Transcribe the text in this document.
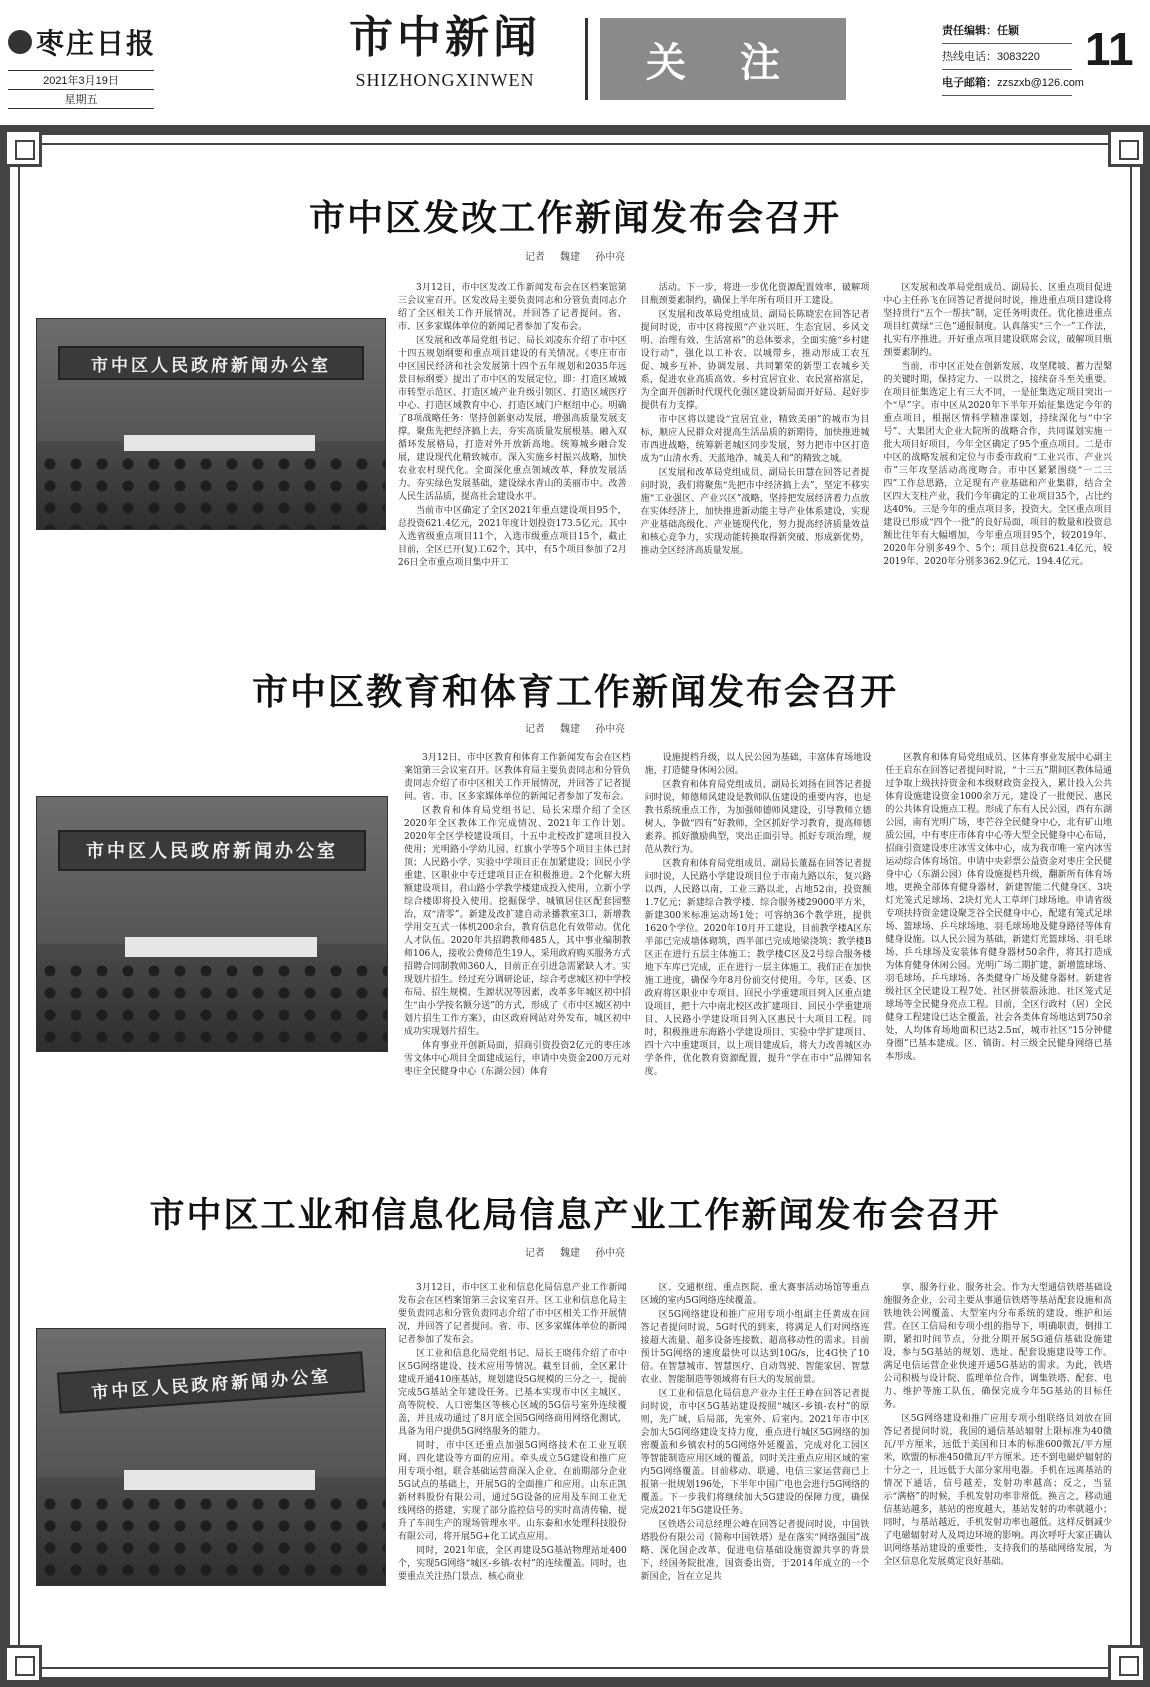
枣庄日报
2021年3月19日
星期五
市中新闻
SHIZHONGXINWEN	关 注
责任编辑：任颖
热线电话：3083220
电子邮箱：zzszxb@126.com
11
市中区发改工作新闻发布会召开
记者 魏建 孙中亮
市中区人民政府新闻办公室

3月12日，市中区发改工作新闻发布会在区档案馆第三会议室召开。区发改局主要负责同志和分管负责同志介绍了全区相关工作开展情况，并回答了记者提问。省、市、区多家媒体单位的新闻记者参加了发布会。

区发展和改革局党组书记、局长刘凌东介绍了市中区十四五规划纲要和重点项目建设的有关情况。《枣庄市市中区国民经济和社会发展第十四个五年规划和2035年远景目标纲要》提出了市中区的发展定位，即：打造区域城市转型示范区、打造区域产业升级引领区、打造区域医疗中心、打造区域教育中心、打造区域门户枢纽中心。明确了8项战略任务：坚持创新驱动发展，增强高质量发展支撑。聚焦先把经济搞上去，夯实高质量发展根基。融入双循环发展格局，打造对外开放新高地。统筹城乡融合发展，建设现代化精致城市。深入实施乡村振兴战略，加快农业农村现代化。全面深化重点领域改革，释放发展活力。夯实绿色发展基础，建设绿水青山的美丽市中。改善人民生活品质，提高社会建设水平。

当前市中区确定了全区2021年重点建设项目95个，总投资621.4亿元，2021年度计划投资173.5亿元。其中入选省级重点项目11个，入选市级重点项目15个，截止目前，全区已开(复)工62个，其中，有5个项目参加了2月26日全市重点项目集中开工

活动。下一步，将进一步优化资源配置效率，破解项目瓶颈要素制约，确保上半年所有项目开工建设。

区发展和改革局党组成员、副局长陈晓宏在回答记者提问时说，市中区将按照“产业兴旺、生态宜居、乡风文明、治理有效、生活富裕”的总体要求，全面实施“乡村建设行动”，强化以工补农、以城带乡，推动形成工农互促、城乡互补、协调发展、共同繁荣的新型工农城乡关系，促进农业高质高效、乡村宜居宜业、农民富裕富足，为全面开创新时代现代化强区建设新局面开好局、起好步提供有力支撑。

市中区将以建设“宜居宜业，精致美丽”的城市为目标，顺应人民群众对提高生活品质的新期待，加快推进城市西进战略，统筹新老城区同步发展，努力把市中区打造成为“山清水秀、天蓝地净、城美人和”的精致之城。

区发展和改革局党组成员、副局长田慧在回答记者提问时说，我们将聚焦“先把市中经济搞上去”，坚定不移实施“工业强区、产业兴区”战略，坚持把发展经济着力点放在实体经济上，加快推进新动能主导产业体系建设，实现产业基础高级化、产业链现代化，努力提高经济质量效益和核心竞争力，实现动能转换取得新突破、形成新优势，推动全区经济高质量发展。

区发展和改革局党组成员、副局长、区重点项目促进中心主任孙飞在回答记者提问时说，推进重点项目建设将坚持贯行“五个一帮扶”制，定任务明责任。优化推进重点项目红黄绿“三色”通报制度。认真落实“三个一”工作法，扎实有序推进。开好重点项目建设联席会议，破解项目瓶颈要素制约。

当前，市中区正处在创新发展、攻坚爬坡、蓄力涅槃的关键时期，保持定力、一以贯之，接续奋斗至关重要。在项目征集选定上有三大不同，一是征集选定项目突出一个“早”字。市中区从2020年下半年开始征集选定今年的重点项目，根据区情科学精准谋划，持续深化与“中字号”、大集团大企业大院所的战略合作，共同谋划实施一批大项目好项目，今年全区确定了95个重点项目。二是市中区的战略发展和定位与市委市政府“工业兴市、产业兴市”三年攻坚活动高度吻合。市中区紧紧围绕“一二三四”工作总思路，立足现有产业基础和产业集群，结合全区四大支柱产业，我们今年确定的工业项目35个，占比约达40%。三是今年的重点项目多，投资大。全区重点项目建设已形成“四个一批”的良好局面，项目的数量和投资总额比往年有大幅增加，今年重点项目95个，较2019年、2020年分别多49个、5个；项目总投资621.4亿元，较2019年、2020年分别多362.9亿元、194.4亿元。

市中区教育和体育工作新闻发布会召开
记者 魏建 孙中亮
市中区人民政府新闻办公室

3月12日，市中区教育和体育工作新闻发布会在区档案馆第三会议室召开。区教体育局主要负责同志和分管负责同志介绍了市中区相关工作开展情况，并回答了记者提问。省、市、区多家媒体单位的新闻记者参加了发布会。

区教育和体育局党组书记、局长宋璟介绍了全区2020年全区教体工作完成情况、2021年工作计划。2020年全区学校建设项目，十五中北校改扩建项目投入使用；光明路小学幼儿园、红旗小学等5个项目主体已封顶；人民路小学、实验中学项目正在加紧建设；回民小学重建、区职业中专迁建项目正在积极推进。2个化解大班额建设项目，君山路小学教学楼建成投入使用，立新小学综合楼即将投入使用。挖掘保学、城镇居住区配套园整治，双“清零”。新建及改扩建自动录播教室3口，新增教学用交互式一体机200余台，教育信息化有效带动。优化人才队伍。2020年共招聘教师485人，其中事业编制教师106人，接收公费师范生19人，采用政府购买服务方式招聘合同制教师360人，目前正在引进急需紧缺人才。实现划片招生。经过充分调研论证，综合考虑城区初中学校布局、招生规模、生源状况等因素，改革多年城区初中招生“由小学按名额分送”的方式，形成了《市中区城区初中划片招生工作方案》，由区政府网站对外发布，城区初中成功实现划片招生。

体育事业开创新局面，招商引资投资2亿元的枣庄冰雪文体中心项目全面建成运行，申请中央资金200万元对枣庄全民健身中心（东湖公园）体育

设施提档升级，以人民公园为基础，丰富体育场地设施，打造健身休闲公园。

区教育和体育局党组成员、副局长刘扬在回答记者提问时说，师德师风建设是教师队伍建设的重要内容，也是教书系统重点工作，为加强师德师风建设，引导教师立德树人，争做“四有”好教师，全区抓好学习教育，提高师德素养。抓好激励典型，突出正面引导。抓好专项治理，规范从教行为。

区教育和体育局党组成员、副局长董磊在回答记者提问时说，人民路小学建设项目位于市南九路以东，复兴路以西，人民路以南，工业三路以北，占地52亩，投资额1.7亿元；新建综合教学楼、综合服务楼29000平方米，新建300米标准运动场1处；可容纳36个教学班，提供1620个学位。2020年10月开工建设，目前教学楼A区东半部已完成墙体砌筑，西半部已完成地梁浇筑；教学楼B区正在进行五层主体施工；教学楼C区及2号综合服务楼地下车库已完成，正在进行一层主体施工。我们正在加快施工进度，确保今年8月份前交付使用。今年，区委、区政府将区职业中专项目、回民小学重建项目列入区重点建设项目，把十六中南北校区改扩建项目、回民小学重建项目、人民路小学建设项目列入区惠民十大项目工程。同时，积极推进东海路小学建设项目、实验中学扩建项目、四十六中重建项目，以上项目建成后，将大力改善城区办学条件，优化教育资源配置，提升“学在市中”品牌知名度。

区教育和体育局党组成员、区体育事业发展中心副主任王启东在回答记者提问时说，“十三五”期间区教体局通过争取上级扶持资金和本级财政资金投入，累计投入公共体育设施建设资金1000余万元，建设了一批便民、惠民的公共体育设施点工程。形成了东有人民公园，西有东湖公园，南有光明广场，枣芒谷全民健身中心，北有矿山地质公园，中有枣庄市体育中心等大型全民健身中心布局，招商引资建设枣庄冰雪文体中心，成为我市唯一室内冰雪运动综合体育场馆。申请中央彩票公益资金对枣庄全民健身中心（东湖公园）体育设施提档升级，翻新所有体育场地，更换全部体育健身器材，新建智能二代健身区、3块灯光笼式足球场、2块灯光人工草坪门球场地。申请省级专项扶持资金建设聚芝谷全民健身中心，配建有笼式足球场、篮球场、乒乓球场地、羽毛球场地及健身路径等体育健身设施。以人民公园为基础，新建灯光篮球场、羽毛球场、乒乓球场及安装体育健身器材50余件，将其打造成为体育健身休闲公园。光明广场二期扩建，新增篮球场、羽毛球场、乒乓球场、各类健身广场及健身器材。新建省级社区全民建设工程7处、社区拼装游泳池、社区笼式足球场等全民健身亮点工程。目前，全区行政村（居）全民健身工程建设已达全覆盖，社会各类体育场地达到750余处，人均体育场地面积已达2.5㎡，城市社区“15分钟健身圈”已基本建成。区、镇街、村三级全民健身网络已基本形成。

市中区工业和信息化局信息产业工作新闻发布会召开
记者 魏建 孙中亮
市中区人民政府新闻办公室

3月12日，市中区工业和信息化局信息产业工作新闻发布会在区档案馆第三会议室召开。区工业和信息化局主要负责同志和分管负责同志介绍了市中区相关工作开展情况，并回答了记者提问。省、市、区多家媒体单位的新闻记者参加了发布会。

区工业和信息化局党组书记、局长王晓伟介绍了市中区5G网络建设、技术应用等情况。截至目前，全区累计建成开通410座基站，规划建设5G规模的三分之一，提前完成5G基站全年建设任务。已基本实现市中区主城区、高等院校、人口密集区等核心区域的5G信号室外连续覆盖，并且成功通过了8月底全国5G网络商用网络化测试，具备为用户提供5G网络服务的能力。

同时，市中区还重点加强5G网络技术在工业互联网、四化建设等方面的应用。牵头成立5G建设和推广应用专项小组，联合基础运营商深入企业，在前期部分企业5G试点的基础上，开展5G的全面推广和应用。山东正凯新材料股份有限公司，通过5G设备的应用及车间工业无线网络的搭建，实现了部分监控信号的实时高清传输，提升了车间生产的现场管理水平。山东泰和水处理科技股份有限公司，将开展5G+化工试点应用。

同时，2021年底，全区再建设5G基站物理站址400个，实现5G网络“城区-乡镇-农村”的连续覆盖。同时，也要重点关注热门景点、核心商业

区、交通枢纽、重点医院、重大赛事活动场馆等重点区域的室内5G网络连续覆盖。

区5G网络建设和推广应用专项小组副主任黄成在回答记者提问时说，5G时代的到来，将满足人们对网络连接超大流量、超多设备连接数、超高移动性的需求。目前预计5G网络的速度最快可以达到10G/s，比4G快了10倍。在智慧城市、智慧医疗、自动驾驶、智能家居、智慧农业、智能制造等领域将有巨大的发展前景。

区工业和信息化局信息产业办主任王峥在回答记者提问时说，市中区5G基站建设按照“城区-乡镇-农村”的原则，先广域、后局部，先室外、后室内。2021年市中区会加大5G网络建设支持力度，重点进行城区5G网络的加密覆盖和乡镇农村的5G网络外延覆盖，完成对化工园区等智能制造应用区域的覆盖，同时关注重点应用区域的室内5G网络覆盖。目前移动、联通、电信三家运营商已上报第一批规划196处，下半年中国广电也会进行5G网络的覆盖。下一步我们将继续加大5G建设的保障力度，确保完成2021年5G建设任务。

区铁塔公司总经理公峰在回答记者提问时说，中国铁塔股份有限公司（简称中国铁塔）是在落实“网络强国”战略、深化国企改革、促进电信基础设施资源共享的背景下，经国务院批准，国资委出资，于2014年成立的一个新国企，旨在立足共

享、服务行业、服务社会。作为大型通信铁塔基础设施服务企业，公司主要从事通信铁塔等基站配套设施和高铁地铁公网覆盖、大型室内分布系统的建设、维护和运营。在区工信局和专项小组的指导下，明确职责，倒排工期，紧扣时间节点，分批分期开展5G通信基础设施建设，参与5G基站的规划、选址、配套设施建设等工作。满足电信运营企业快速开通5G基站的需求。为此，铁塔公司积极与设计院、监理单位合作，调集铁塔、配套、电力、维护等施工队伍，确保完成今年5G基站的目标任务。

区5G网络建设和推广应用专项小组联络员刘放在回答记者提问时说，我国的通信基站辐射上限标准为40微瓦/平方厘米，远低于美国和日本的标准600微瓦/平方厘米，欧盟的标准450微瓦/平方厘米。还不到电磁炉辐射的十分之一，且远低于大部分家用电器。手机在远离基站的情况下通话，信号越差，发射功率越高；反之，当显示“满格”的时候，手机发射功率非常低。换言之，移动通信基站越多，基站的密度越大，基站发射的功率就越小；同时，与基站越近，手机发射功率也越低。这样反倒减少了电磁辐射对人及周边环境的影响。再次呼吁大家正确认识网络基站建设的重要性，支持我们的基础网络发展，为全区信息化发展奠定良好基础。
